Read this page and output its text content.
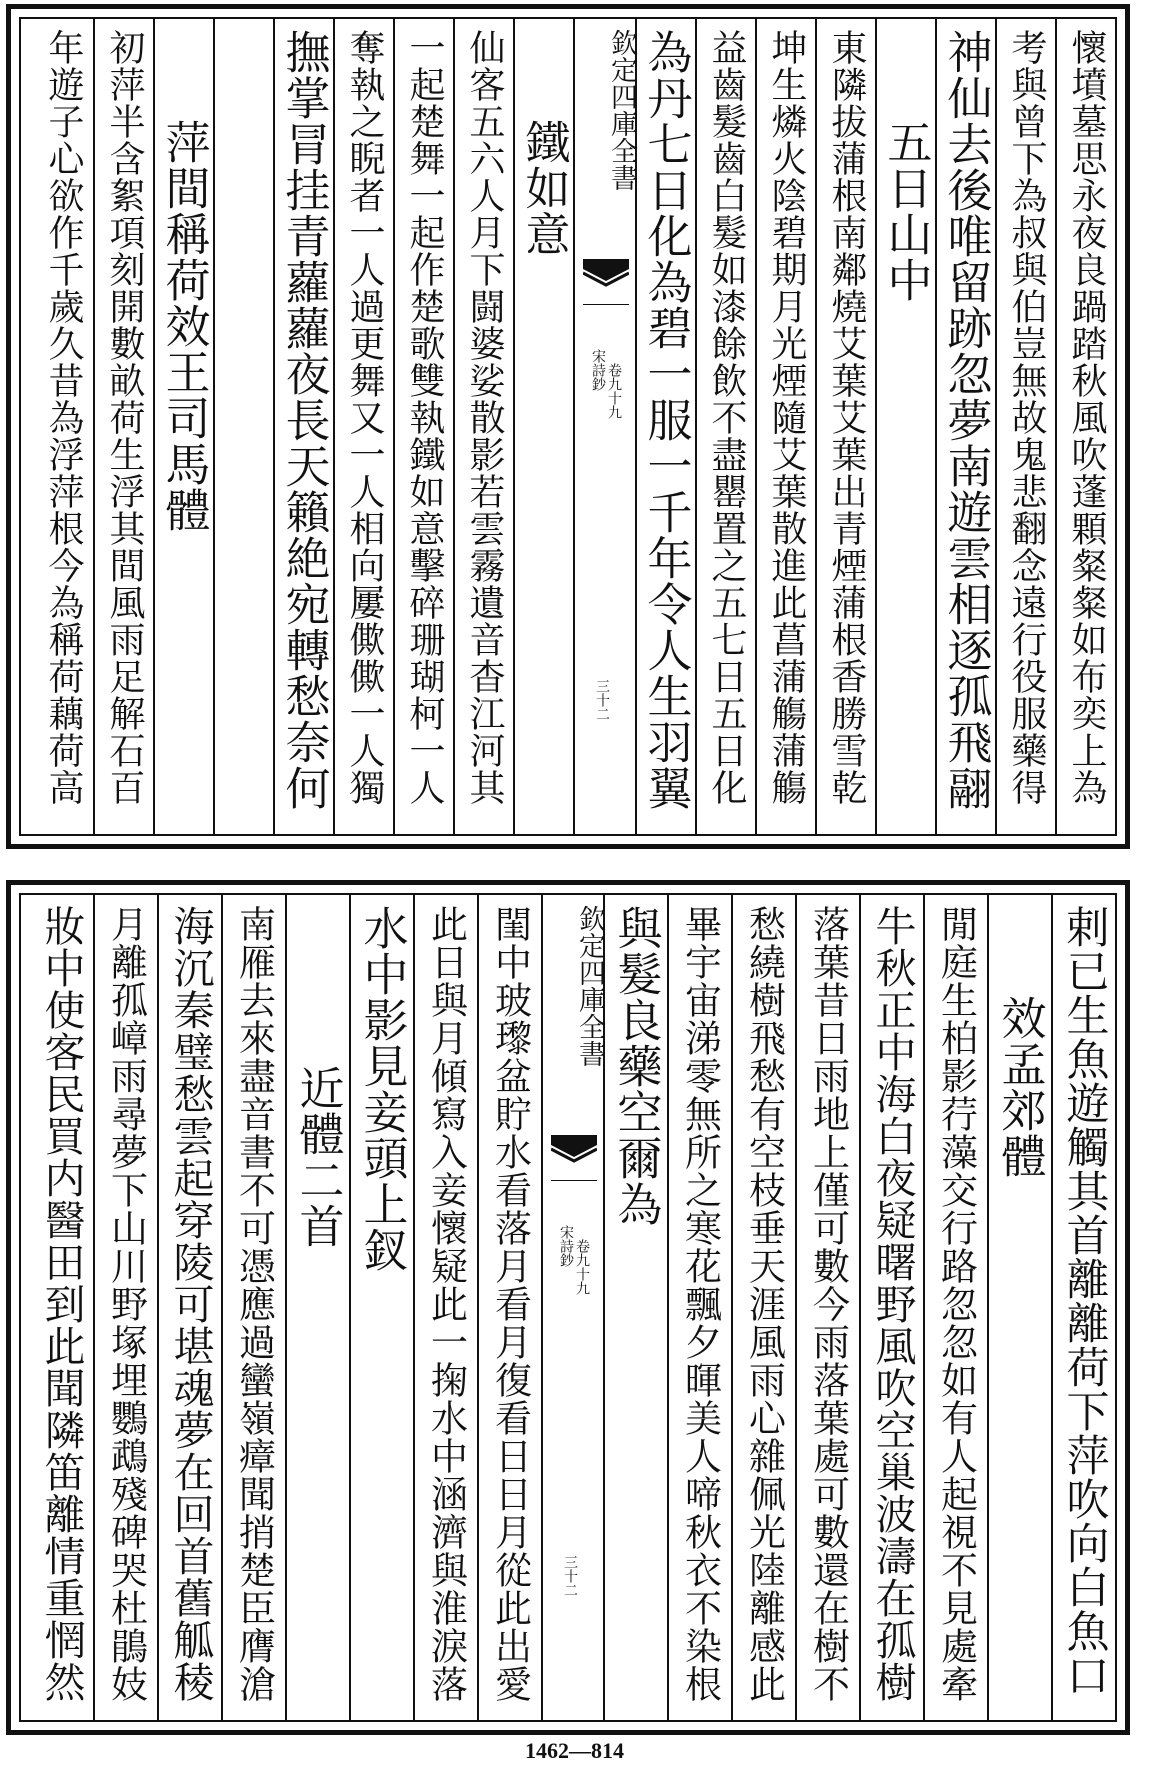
懷墳墓思永夜良踻踏秋風吹蓬顆粲粲如布奕上為
考與曾下為叔與伯豈無故鬼悲翻念遠行役服藥得
神仙去後唯留跡忽夢南遊雲相逐孤飛翮
五日山中
東隣拔蒲根南鄰燒艾葉艾葉出青煙蒲根香勝雪乾
坤生燐火陰碧期月光煙隨艾葉散進此菖蒲觴蒲觴
益齒髮齒白髮如漆餘飲不盡罌置之五七日五日化
為丹七日化為碧一服一千年令人生羽翼
欽定四庫全書
宋詩鈔 卷九十九
三十二
鐵如意
仙客五六人月下闘婆娑散影若雲霧遺音杳江河其
一起楚舞一起作楚歌雙執鐵如意擊碎珊瑚柯一人
奪執之睨者一人過更舞又一人相向屢僛僛一人獨
撫掌冐挂青蘿蘿夜長天籟絶宛轉愁奈何
萍間稱荷效王司馬體
初萍半含絮項刻開數畝荷生浮其間風雨足解石百
年遊子心欲作千歲久昔為浮萍根今為稱荷藕荷高
剌已生魚遊觸其首離離荷下萍吹向白魚口
效孟郊體
閒庭生柏影荇藻交行路忽忽如有人起視不見處牽
牛秋正中海白夜疑曙野風吹空巢波濤在孤樹
落葉昔日雨地上僅可數今雨落葉處可數還在樹不
愁繞樹飛愁有空枝垂天涯風雨心雜佩光陸離感此
畢宇宙涕零無所之寒花飄夕暉美人啼秋衣不染根
與髮良藥空爾為
欽定四庫全書
宋詩鈔 卷九十九
三十二
閨中玻瓈盆貯水看落月看月復看日日月從此出愛
此日與月傾寫入妾懷疑此一掬水中涵濟與淮淚落
水中影見妾頭上釵
近體二首
南雁去來盡音書不可憑應過蠻嶺瘴聞捎楚臣膺滄
海沉秦璧愁雲起穿陵可堪魂夢在回首舊觚稜
月離孤嶂雨尋夢下山川野塚埋鸚鵡殘碑哭杜鵑妓
妝中使客民買内醫田到此聞隣笛離情重惘然
1462—814
